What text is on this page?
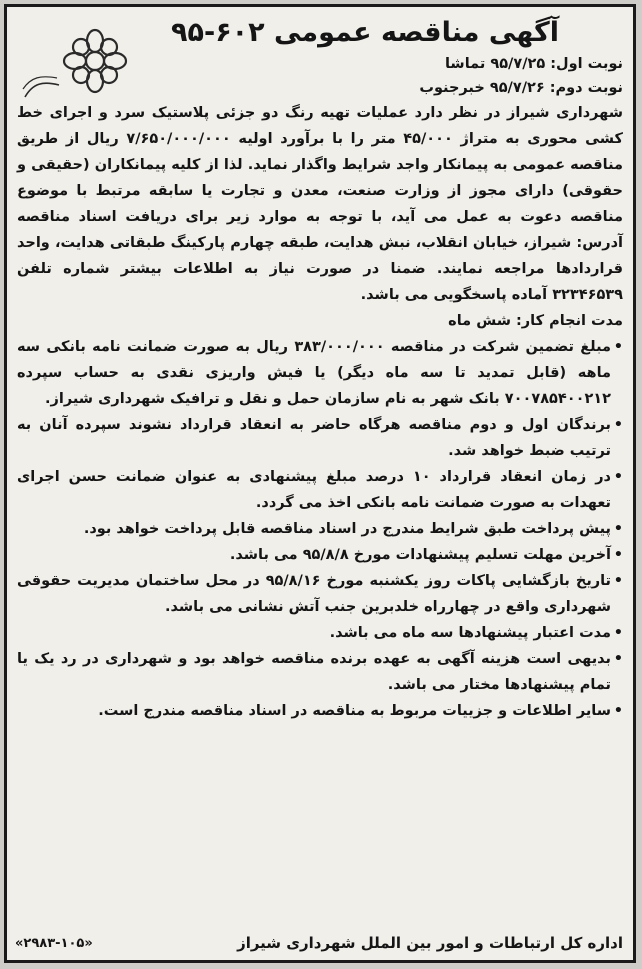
آگهی مناقصه عمومی ۶۰۲-۹۵
نوبت اول: ۹۵/۷/۲۵ تماشا
نوبت دوم: ۹۵/۷/۲۶ خبرجنوب

شهرداری شیراز در نظر دارد عملیات تهیه رنگ دو جزئی پلاستیک سرد و اجرای خط کشی محوری به متراژ ۴۵/۰۰۰ متر را با برآورد اولیه ۷/۶۵۰/۰۰۰/۰۰۰ ریال از طریق مناقصه عمومی به پیمانکار واجد شرایط واگذار نماید. لذا از کلیه پیمانکاران (حقیقی و حقوقی) دارای مجوز از وزارت صنعت، معدن و تجارت یا سابقه مرتبط با موضوع مناقصه دعوت به عمل می آید، با توجه به موارد زیر برای دریافت اسناد مناقصه آدرس: شیراز، خیابان انقلاب، نبش هدایت، طبقه چهارم پارکینگ طبقاتی هدایت، واحد قراردادها مراجعه نمایند. ضمنا در صورت نیاز به اطلاعات بیشتر شماره تلفن ۳۲۳۴۶۵۳۹ آماده پاسخگویی می باشد.

مدت انجام کار: شش ماه

• مبلغ تضمین شرکت در مناقصه ۳۸۳/۰۰۰/۰۰۰ ریال به صورت ضمانت نامه بانکی سه ماهه (قابل تمدید تا سه ماه دیگر) یا فیش واریزی نقدی به حساب سپرده ۷۰۰۷۸۵۴۰۰۲۱۲ بانک شهر به نام سازمان حمل و نقل و ترافیک شهرداری شیراز.
• برندگان اول و دوم مناقصه هرگاه حاضر به انعقاد قرارداد نشوند سپرده آنان به ترتیب ضبط خواهد شد.
• در زمان انعقاد قرارداد ۱۰ درصد مبلغ پیشنهادی به عنوان ضمانت حسن اجرای تعهدات به صورت ضمانت نامه بانکی اخذ می گردد.
• پیش پرداخت طبق شرایط مندرج در اسناد مناقصه قابل پرداخت خواهد بود.
• آخرین مهلت تسلیم پیشنهادات مورخ ۹۵/۸/۸ می باشد.
• تاریخ بازگشایی پاکات روز یکشنبه مورخ ۹۵/۸/۱۶ در محل ساختمان مدیریت حقوقی شهرداری واقع در چهارراه خلدبرین جنب آتش نشانی می باشد.
• مدت اعتبار پیشنهادها سه ماه می باشد.
• بدیهی است هزینه آگهی به عهده برنده مناقصه خواهد بود و شهرداری در رد یک یا تمام پیشنهادها مختار می باشد.
• سایر اطلاعات و جزییات مربوط به مناقصه در اسناد مناقصه مندرج است.
اداره کل ارتباطات و امور بین الملل شهرداری شیراز
«۲۹۸۳-۱۰۵»
